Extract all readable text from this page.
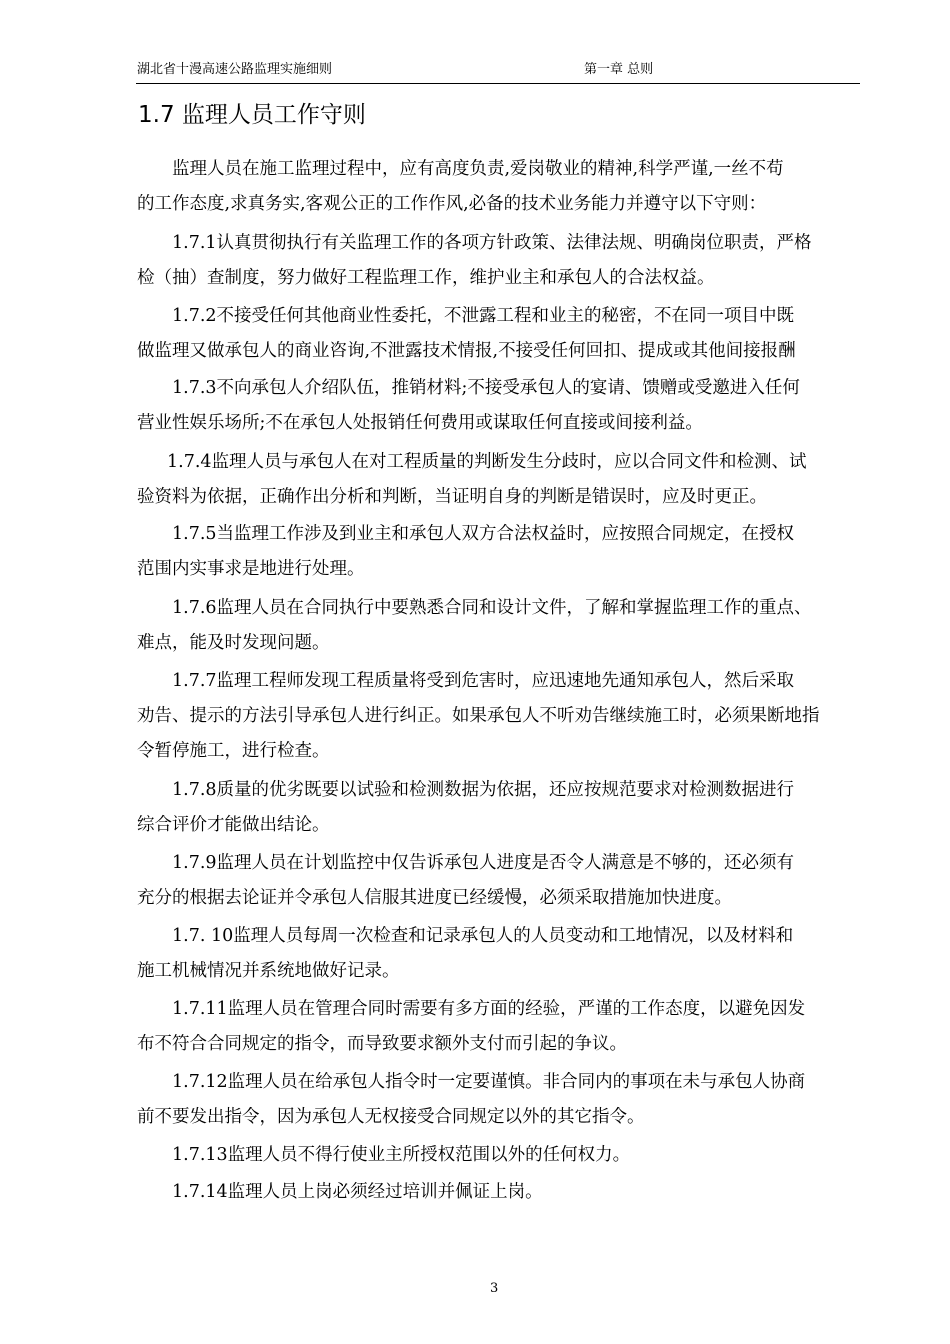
湖北省十漫高速公路监理实施细则	第一章 总则
1.7 监理人员工作守则

监理人员在施工监理过程中，应有高度负责,爱岗敬业的精神,科学严谨,一丝不苟
的工作态度,求真务实,客观公正的工作作风,必备的技术业务能力并遵守以下守则：

1.7.1认真贯彻执行有关监理工作的各项方针政策、法律法规、明确岗位职责，严格
检（抽）查制度，努力做好工程监理工作，维护业主和承包人的合法权益。

1.7.2不接受任何其他商业性委托，不泄露工程和业主的秘密，不在同一项目中既
做监理又做承包人的商业咨询,不泄露技术情报,不接受任何回扣、提成或其他间接报酬

1.7.3不向承包人介绍队伍，推销材料;不接受承包人的宴请、馈赠或受邀进入任何
营业性娱乐场所;不在承包人处报销任何费用或谋取任何直接或间接利益。

1.7.4监理人员与承包人在对工程质量的判断发生分歧时，应以合同文件和检测、试
验资料为依据，正确作出分析和判断，当证明自身的判断是错误时，应及时更正。

1.7.5当监理工作涉及到业主和承包人双方合法权益时，应按照合同规定，在授权
范围内实事求是地进行处理。

1.7.6监理人员在合同执行中要熟悉合同和设计文件，了解和掌握监理工作的重点、
难点，能及时发现问题。

1.7.7监理工程师发现工程质量将受到危害时，应迅速地先通知承包人，然后采取
劝告、提示的方法引导承包人进行纠正。如果承包人不听劝告继续施工时，必须果断地指
令暂停施工，进行检查。

1.7.8质量的优劣既要以试验和检测数据为依据，还应按规范要求对检测数据进行
综合评价才能做出结论。

1.7.9监理人员在计划监控中仅告诉承包人进度是否令人满意是不够的，还必须有
充分的根据去论证并令承包人信服其进度已经缓慢，必须采取措施加快进度。

1.7. 10监理人员每周一次检查和记录承包人的人员变动和工地情况，以及材料和
施工机械情况并系统地做好记录。

1.7.11监理人员在管理合同时需要有多方面的经验，严谨的工作态度，以避免因发
布不符合合同规定的指令，而导致要求额外支付而引起的争议。

1.7.12监理人员在给承包人指令时一定要谨慎。非合同内的事项在未与承包人协商
前不要发出指令，因为承包人无权接受合同规定以外的其它指令。

1.7.13监理人员不得行使业主所授权范围以外的任何权力。

1.7.14监理人员上岗必须经过培训并佩证上岗。

3
